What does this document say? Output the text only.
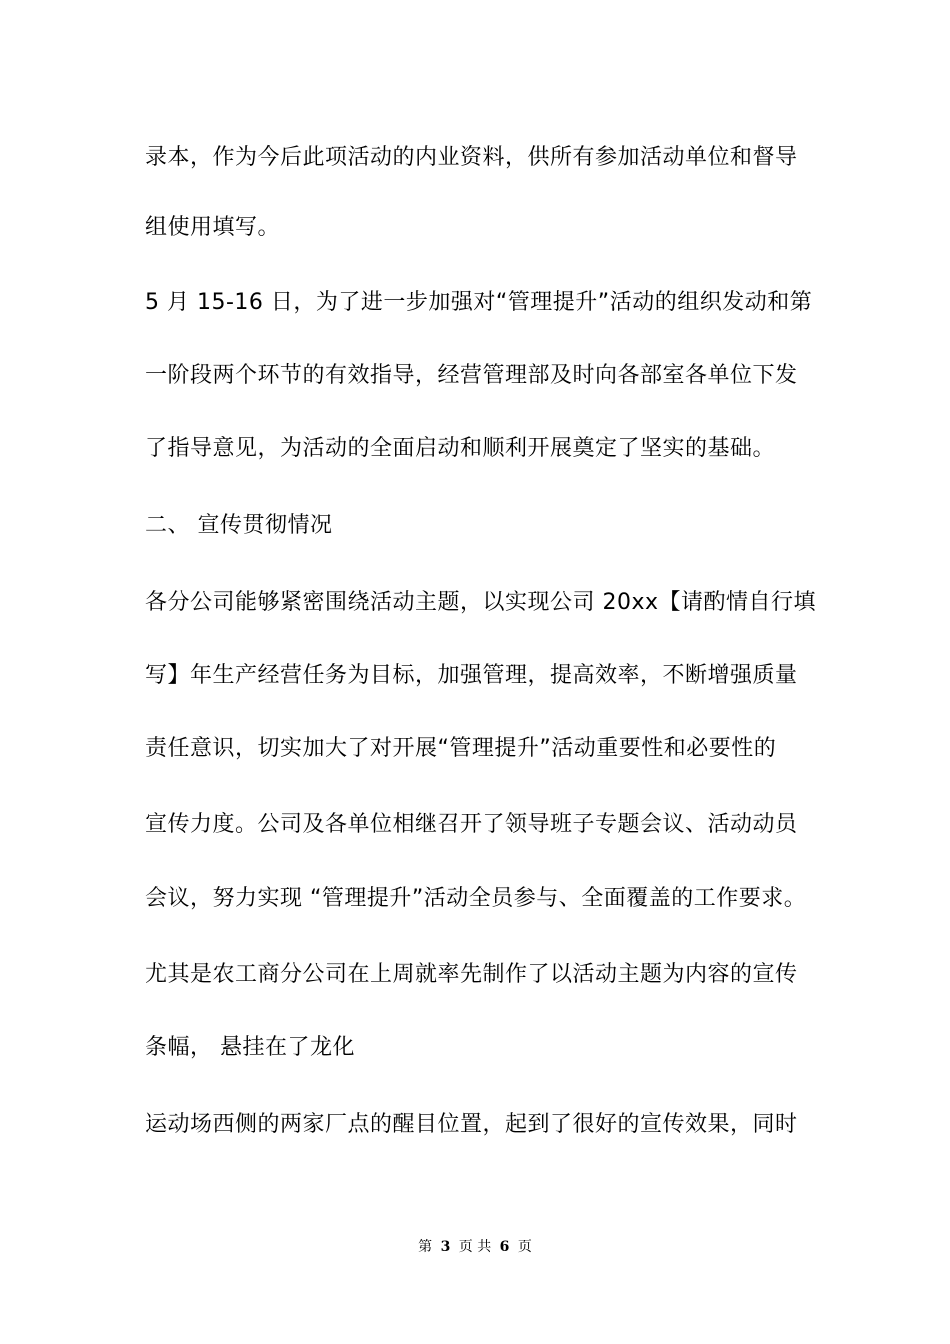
录本，作为今后此项活动的内业资料，供所有参加活动单位和督导
组使用填写。
5 月 15-16 日，为了进一步加强对“管理提升”活动的组织发动和第
一阶段两个环节的有效指导，经营管理部及时向各部室各单位下发
了指导意见，为活动的全面启动和顺利开展奠定了坚实的基础。
二、 宣传贯彻情况
各分公司能够紧密围绕活动主题，以实现公司 20xx【请酌情自行填
写】年生产经营任务为目标，加强管理，提高效率，不断增强质量
责任意识，切实加大了对开展“管理提升”活动重要性和必要性的
宣传力度。公司及各单位相继召开了领导班子专题会议、活动动员
会议，努力实现 “管理提升”活动全员参与、全面覆盖的工作要求。
尤其是农工商分公司在上周就率先制作了以活动主题为内容的宣传
条幅， 悬挂在了龙化
运动场西侧的两家厂点的醒目位置，起到了很好的宣传效果，同时
第 3 页 共 6 页
